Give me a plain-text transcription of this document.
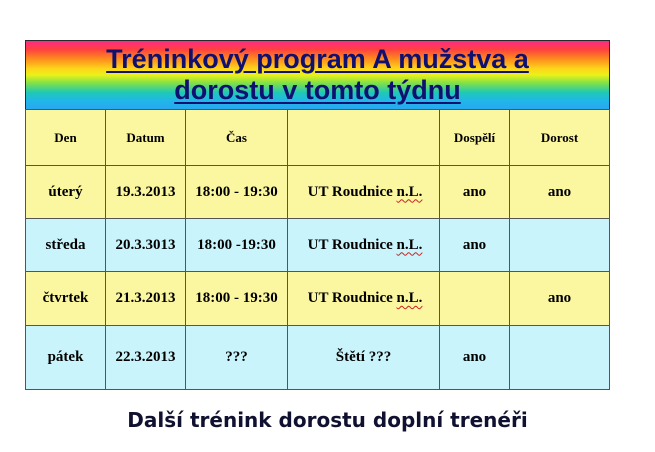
Tréninkový program A mužstva a
dorostu v tomto týdnu
Den	Datum	Čas		Dospělí	Dorost
úterý	19.3.2013	18:00 - 19:30	UT Roudnice n.L.	ano	ano
středa	20.3.3013	18:00 -19:30	UT Roudnice n.L.	ano	
čtvrtek	21.3.2013	18:00 - 19:30	UT Roudnice n.L.		ano
pátek	22.3.2013	???	Štětí ???	ano	
Další trénink dorostu doplní trenéři
